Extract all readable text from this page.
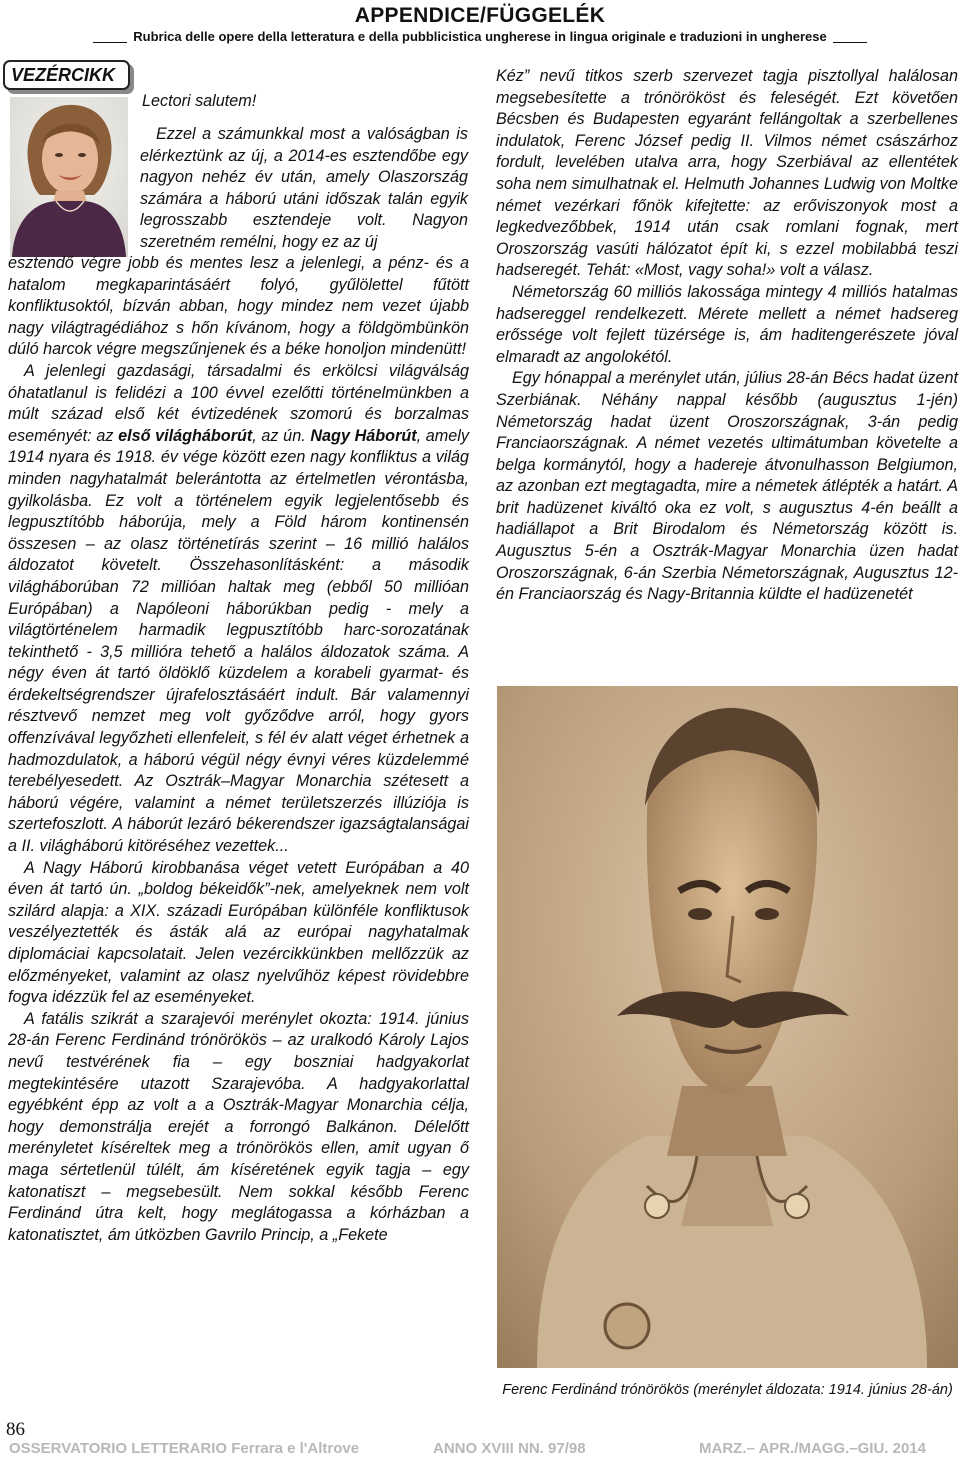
APPENDICE/FÜGGELÉK
Rubrica delle opere della letteratura e della pubblicistica ungherese in lingua originale e traduzioni in ungherese
VEZÉRCIKK
Lectori salutem!

Ezzel a számunkkal most a valóságban is elérkeztünk az új, a 2014-es esztendőbe egy nagyon nehéz év után, amely Olaszország számára a háború utáni időszak talán egyik legrosszabb esztendeje volt. Nagyon szeretném remélni, hogy ez az új

esztendő végre jobb és mentes lesz a jelenlegi, a pénz- és a hatalom megkaparintásáért folyó, gyűlölettel fűtött konfliktusoktól, bízván abban, hogy mindez nem vezet újabb nagy világtragédiához s hőn kívánom, hogy a földgömbünkön dúló harcok végre megszűnjenek és a béke honoljon mindenütt!

A jelenlegi gazdasági, társadalmi és erkölcsi világválság óhatatlanul is felidézi a 100 évvel ezelőtti történelmünkben a múlt század első két évtizedének szomorú és borzalmas eseményét: az első világháborút, az ún. Nagy Háborút, amely 1914 nyara és 1918. év vége között ezen nagy konfliktus a világ minden nagyhatalmát belerántotta az értelmetlen vérontásba, gyilkolásba. Ez volt a történelem egyik legjelentősebb és legpusztítóbb háborúja, mely a Föld három kontinensén összesen – az olasz történetírás szerint – 16 millió halálos áldozatot követelt. Összehasonlításként: a második világháborúban 72 millióan haltak meg (ebből 50 millióan Európában) a Napóleoni háborúkban pedig - mely a világtörténelem harmadik legpusztítóbb harc-sorozatának tekinthető - 3,5 millióra tehető a halálos áldozatok száma. A négy éven át tartó öldöklő küzdelem a korabeli gyarmat- és érdekeltségrendszer újrafelosztásáért indult. Bár valamennyi résztvevő nemzet meg volt győződve arról, hogy gyors offenzívával legyőzheti ellenfeleit, s fél év alatt véget érhetnek a hadmozdulatok, a háború végül négy évnyi véres küzdelemmé terebélyesedett. Az Osztrák–Magyar Monarchia szétesett a háború végére, valamint a német területszerzés illúziója is szertefoszlott. A háborút lezáró békerendszer igazságtalanságai a II. világháború kitöréséhez vezettek...

A Nagy Háború kirobbanása véget vetett Európában a 40 éven át tartó ún. „boldog békeidők”-nek, amelyeknek nem volt szilárd alapja: a XIX. századi Európában különféle konfliktusok veszélyeztették és ásták alá az európai nagyhatalmak diplomáciai kapcsolatait. Jelen vezércikkünkben mellőzzük az előzményeket, valamint az olasz nyelvűhöz képest rövidebbre fogva idézzük fel az eseményeket.

A fatális szikrát a szarajevói merénylet okozta: 1914. június 28-án Ferenc Ferdinánd trónörökös – az uralkodó Károly Lajos nevű testvérének fia – egy boszniai hadgyakorlat megtekintésére utazott Szarajevóba. A hadgyakorlattal egyébként épp az volt a a Osztrák-Magyar Monarchia célja, hogy demonstrálja erejét a forrongó Balkánon. Délelőtt merényletet kíséreltek meg a trónörökös ellen, amit ugyan ő maga sértetlenül túlélt, ám kíséretének egyik tagja – egy katonatiszt – megsebesült. Nem sokkal később Ferenc Ferdinánd útra kelt, hogy meglátogassa a kórházban a katonatisztet, ám útközben Gavrilo Princip, a „Fekete

Kéz” nevű titkos szerb szervezet tagja pisztollyal halálosan megsebesítette a trónörököst és feleségét. Ezt követően Bécsben és Budapesten egyaránt fellángoltak a szerbellenes indulatok, Ferenc József pedig II. Vilmos német császárhoz fordult, levelében utalva arra, hogy Szerbiával az ellentétek soha nem simulhatnak el. Helmuth Johannes Ludwig von Moltke német vezérkari főnök kifejtette: az erőviszonyok most a legkedvezőbbek, 1914 után csak romlani fognak, mert Oroszország vasúti hálózatot épít ki, s ezzel mobilabbá teszi hadseregét. Tehát: «Most, vagy soha!» volt a válasz.

Németország 60 milliós lakossága mintegy 4 milliós hatalmas hadsereggel rendelkezett. Mérete mellett a német hadsereg erőssége volt fejlett tüzérsége is, ám haditengerészete jóval elmaradt az angolokétól.

Egy hónappal a merénylet után, július 28-án Bécs hadat üzent Szerbiának. Néhány nappal később (augusztus 1-jén) Németország hadat üzent Oroszországnak, 3-án pedig Franciaországnak. A német vezetés ultimátumban követelte a belga kormánytól, hogy a hadereje átvonulhasson Belgiumon, az azonban ezt megtagadta, mire a németek átlépték a határt. A brit hadüzenet kiváltó oka ez volt, s augusztus 4-én beállt a hadiállapot a Brit Birodalom és Németország között is. Augusztus 5-én a Osztrák-Magyar Monarchia üzen hadat Oroszországnak, 6-án Szerbia Németországnak, Augusztus 12-én Franciaország és Nagy-Britannia küldte el hadüzenetét

Ferenc Ferdinánd trónörökös (merénylet áldozata: 1914. június 28-án)
86
OSSERVATORIO LETTERARIO Ferrara e l'Altrove	ANNO XVIII NN. 97/98	MARZ.– APR./MAGG.–GIU. 2014
